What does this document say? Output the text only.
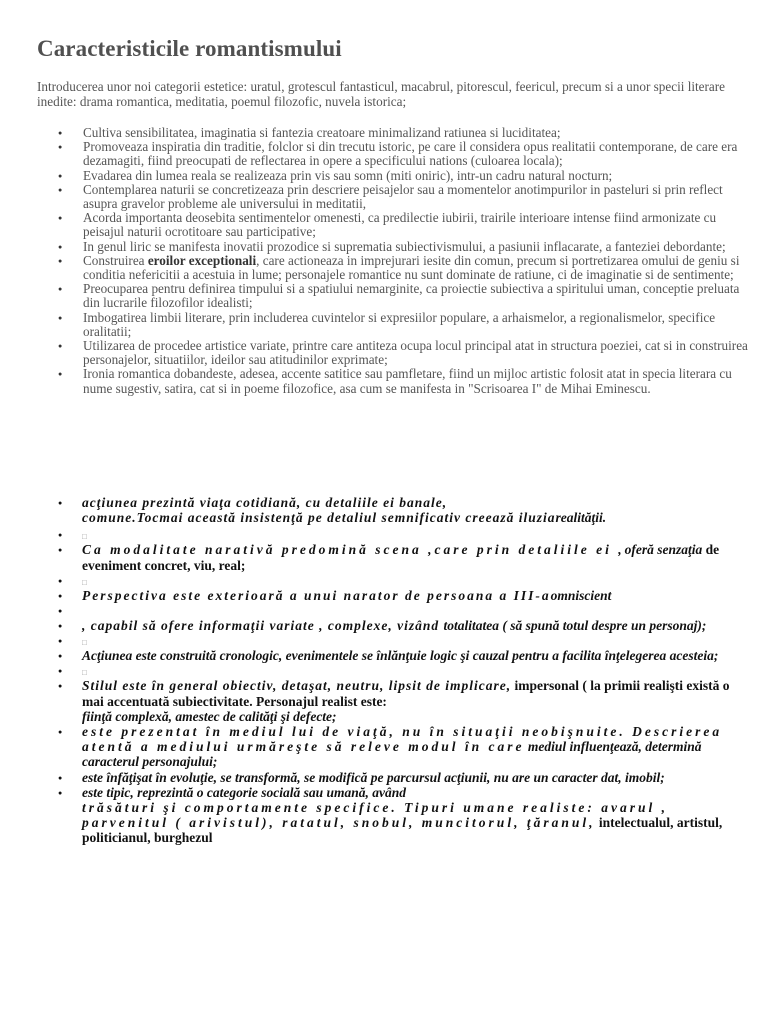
Caracteristicile romantismului
Introducerea unor noi categorii estetice: uratul, grotescul fantasticul, macabrul, pitorescul, feericul, precum si a unor specii literare inedite: drama romantica, meditatia, poemul filozofic, nuvela istorica;
● Cultiva sensibilitatea, imaginatia si fantezia creatoare minimalizand ratiunea si luciditatea;
● Promoveaza inspiratia din traditie, folclor si din trecutu istoric, pe care il considera opus realitatii contemporane, de care era dezamagiti, fiind preocupati de reflectarea in opere a specificului nations (culoarea locala);
● Evadarea din lumea reala se realizeaza prin vis sau somn (miti oniric), intr-un cadru natural nocturn;
● Contemplarea naturii se concretizeaza prin descriere peisajelor sau a momentelor anotimpurilor in pasteluri si prin reflect asupra gravelor probleme ale universului in meditatii,
● Acorda importanta deosebita sentimentelor omenesti, ca predilectie iubirii, trairile interioare intense fiind armonizate cu peisajul naturii ocrotitoare sau participative;
● In genul liric se manifesta inovatii prozodice si suprematia subiectivismului, a pasiunii inflacarate, a fanteziei debordante;
● Construirea eroilor exceptionali, care actioneaza in imprejurari iesite din comun, precum si portretizarea omului de geniu si conditia nefericitii a acestuia in lume; personajele romantice nu sunt dominate de ratiune, ci de imaginatie si de sentimente;
● Preocuparea pentru definirea timpului si a spatiului nemarginite, ca proiectie subiectiva a spiritului uman, conceptie preluata din lucrarile filozofilor idealisti;
● Imbogatirea limbii literare, prin includerea cuvintelor si expresiilor populare, a arhaismelor, a regionalismelor, specifice oralitatii;
● Utilizarea de procedee artistice variate, printre care antiteza ocupa locul principal atat in structura poeziei, cat si in construirea personajelor, situatiilor, ideilor sau atitudinilor exprimate;
● Ironia romantica dobandeste, adesea, accente satitice sau pamfletare, fiind un mijloc artistic folosit atat in specia literara cu nume sugestiv, satira, cat si in poeme filozofice, asa cum se manifesta in "Scrisoarea I" de Mihai Eminescu.
● acţiunea prezintă viaţa cotidiană, cu detaliile ei banale,
comune.Tocmai această insistenţă pe detaliul semnificativ creează iluziarealităţii.
● □
● Ca modalitate narativă predomină scena ,care prin detaliile ei ,oferă senzaţia de eveniment concret, viu, real;
● □
● Perspectiva este exterioară a unui narator de persoana a III-aomniscient
●
● , capabil să ofere informaţii variate , complexe, vizând totalitatea ( să spună totul despre un personaj);
● □
● Acţiunea este construită cronologic, evenimentele se înlănţuie logic şi cauzal pentru a facilita înţelegerea acesteia;
● □
● Stilul este în general obiectiv, detaşat, neutru, lipsit de implicare, impersonal ( la primii realişti există o mai accentuată subiectivitate. Personajul realist este:
fiinţă complexă, amestec de calităţi şi defecte;
● este prezentat în mediul lui de viaţă, nu în situaţii neobişnuite. Descrierea atentă a mediului urmăreşte să releve modul în care mediul influenţează, determină caracterul personajului;
● este înfăţişat în evoluţie, se transformă, se modifică pe parcursul acţiunii, nu are un caracter dat, imobil;
● este tipic, reprezintă o categorie socială sau umană, având
trăsături şi comportamente specifice. Tipuri umane realiste: avarul , parvenitul ( arivistul), ratatul, snobul, muncitorul, ţăranul, intelectualul, artistul, politicianul, burghezul
